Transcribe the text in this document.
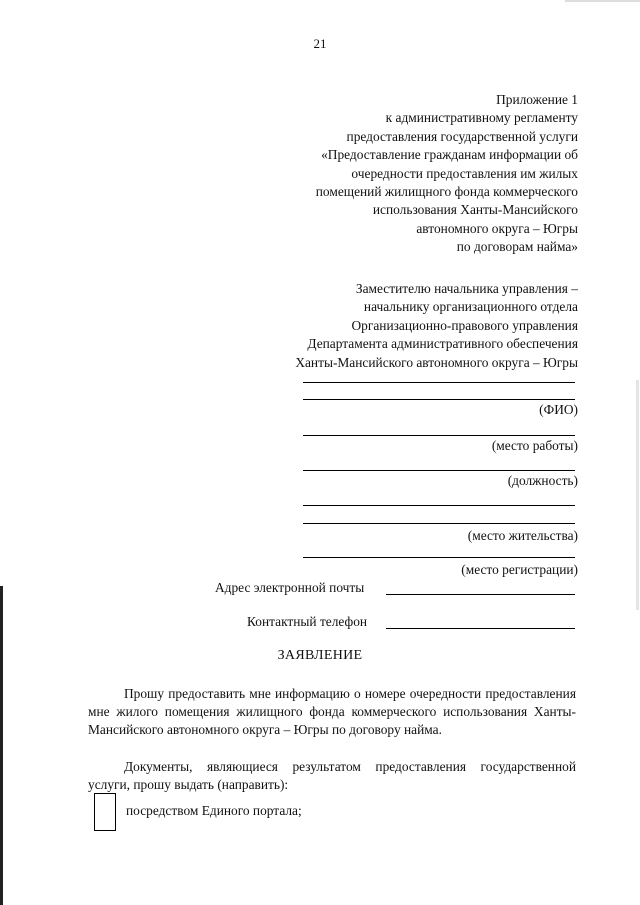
21
Приложение 1
к административному регламенту
предоставления государственной услуги
«Предоставление гражданам информации об
очередности предоставления им жилых
помещений жилищного фонда коммерческого
использования Ханты-Мансийского
автономного округа – Югры
по договорам найма»
Заместителю начальника управления –
начальнику организационного отдела
Организационно-правового управления
Департамента административного обеспечения
Ханты-Мансийского автономного округа – Югры
(ФИО)
(место работы)
(должность)
(место жительства)
(место регистрации)
Адрес электронной почты
Контактный телефон
ЗАЯВЛЕНИЕ
Прошу предоставить мне информацию о номере очередности предоставления мне жилого помещения жилищного фонда коммерческого использования Ханты-Мансийского автономного округа – Югры по договору найма.
Документы, являющиеся результатом предоставления государственной услуги, прошу выдать (направить):
посредством Единого портала;
